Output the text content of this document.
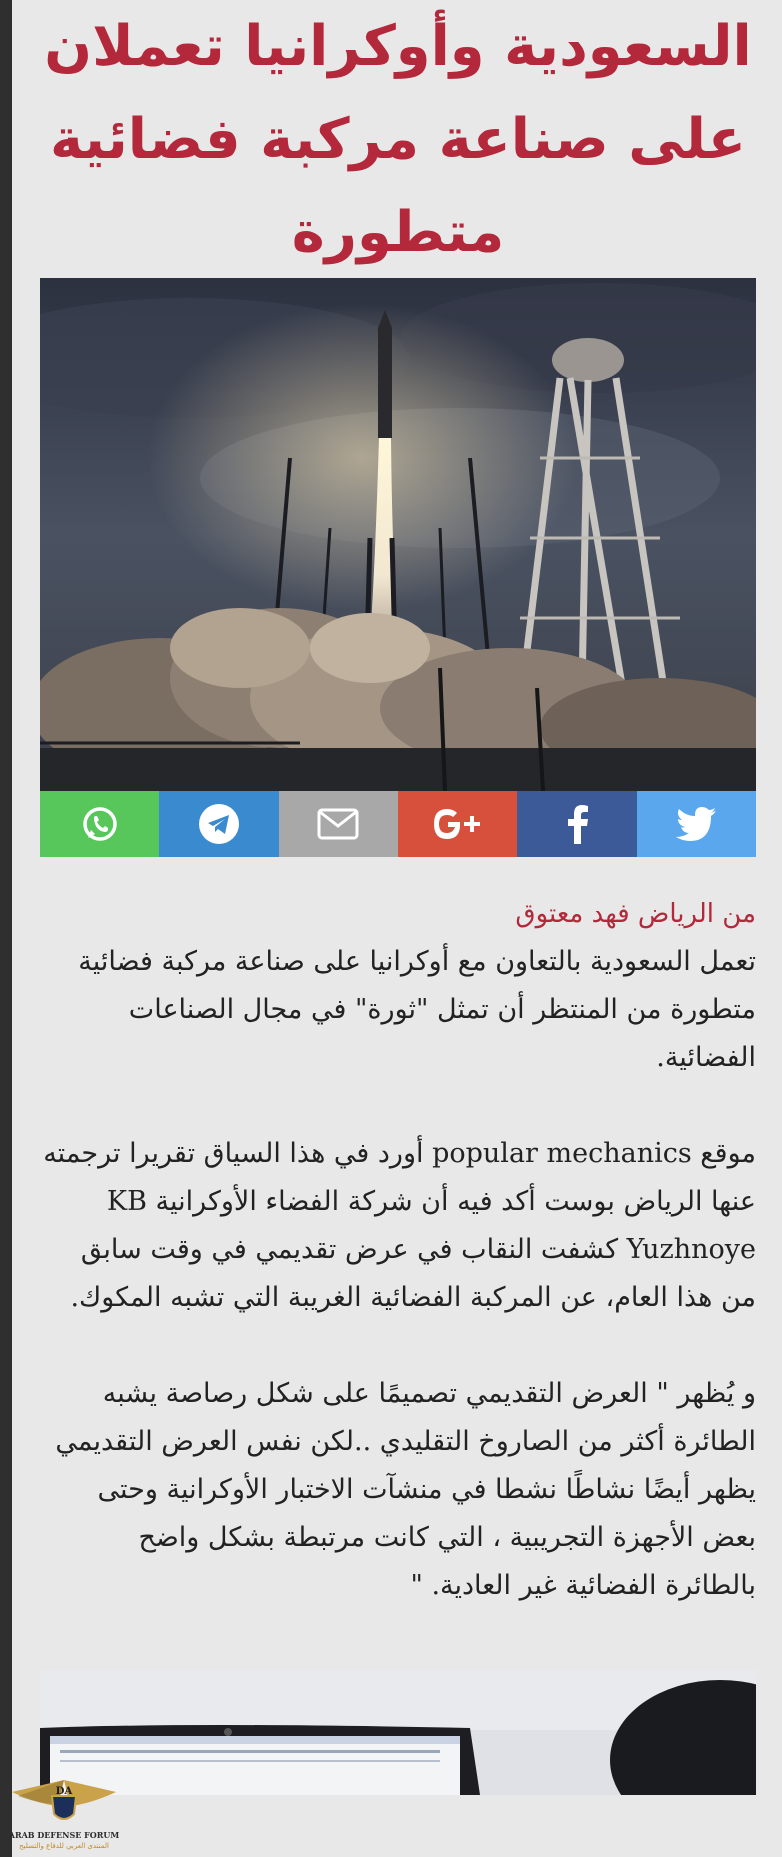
السعودية وأوكرانيا تعملان
على صناعة مركبة فضائية
متطورة
من الرياض فهد معتوق

تعمل السعودية بالتعاون مع أوكرانيا على صناعة مركبة فضائية متطورة من المنتظر أن تمثل "ثورة" في مجال الصناعات الفضائية.

موقع popular mechanics أورد في هذا السياق تقريرا ترجمته عنها الرياض بوست أكد فيه أن شركة الفضاء الأوكرانية KB Yuzhnoye كشفت النقاب في عرض تقديمي في وقت سابق من هذا العام، عن المركبة الفضائية الغريبة التي تشبه المكوك.

و يُظهر " العرض التقديمي تصميمًا على شكل رصاصة يشبه الطائرة أكثر من الصاروخ التقليدي ..لكن نفس العرض التقديمي يظهر أيضًا نشاطًا نشطا في منشآت الاختبار الأوكرانية وحتى بعض الأجهزة التجريبية ، التي كانت مرتبطة بشكل واضح بالطائرة الفضائية غير العادية. "

DA
ARAB DEFENSE FORUM
المنتدى العربي للدفاع والتسليح
